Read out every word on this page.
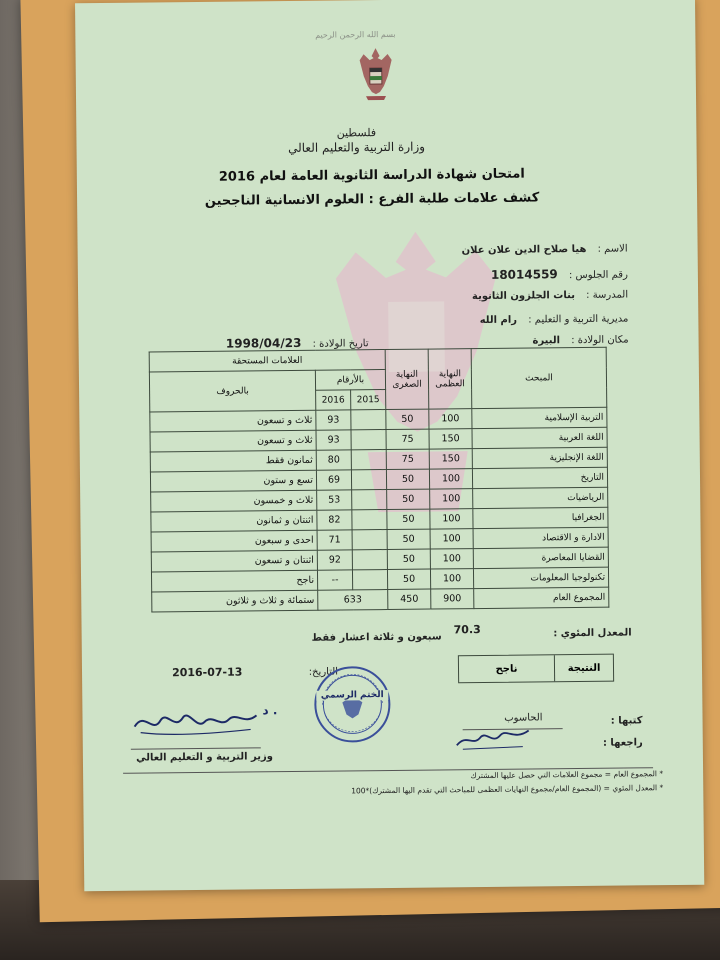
بسم الله الرحمن الرحيم
فلسطين
وزارة التربية والتعليم العالي
امتحان شهادة الدراسة الثانوية العامة لعام 2016
كشف علامات طلبة الفرع : العلوم الانسانية الناجحين
الاسم : هيا صلاح الدين علان علان
رقم الجلوس : 18014559
المدرسة : بنات الجلزون الثانوية
مديرية التربية و التعليم : رام الله
مكان الولادة : البيرة
تاريخ الولادة : 1998/04/23
المبحث	النهاية العظمى	النهاية الصغرى	العلامات المستحقة		
			بالأرقام		بالحروف
			2015	2016	
التربية الإسلامية	100	50		93	ثلاث و تسعون
اللغة العربية	150	75		93	ثلاث و تسعون
اللغة الإنجليزية	150	75		80	ثمانون فقط
التاريخ	100	50		69	تسع و ستون
الرياضيات	100	50		53	ثلاث و خمسون
الجغرافيا	100	50		82	اثنتان و ثمانون
الادارة و الاقتصاد	100	50		71	احدى و سبعون
القضايا المعاصرة	100	50		92	اثنتان و تسعون
تكنولوجيا المعلومات	100	50		--	ناجح
المجموع العام	900	450	633		ستمائة و ثلاث و ثلاثون
المعدل المئوي :
70.3
سبعون و ثلاثة اعشار فقط
النتيجة
ناجح
التاريخ:
2016-07-13
الختم الرسمي
د .
وزير التربية و التعليم العالي
كتبها :
الحاسوب
راجعها :
* المجموع العام = مجموع العلامات التي حصل عليها المشترك
* المعدل المئوي = (المجموع العام/مجموع النهايات العظمى للمباحث التي تقدم اليها المشترك)*100
